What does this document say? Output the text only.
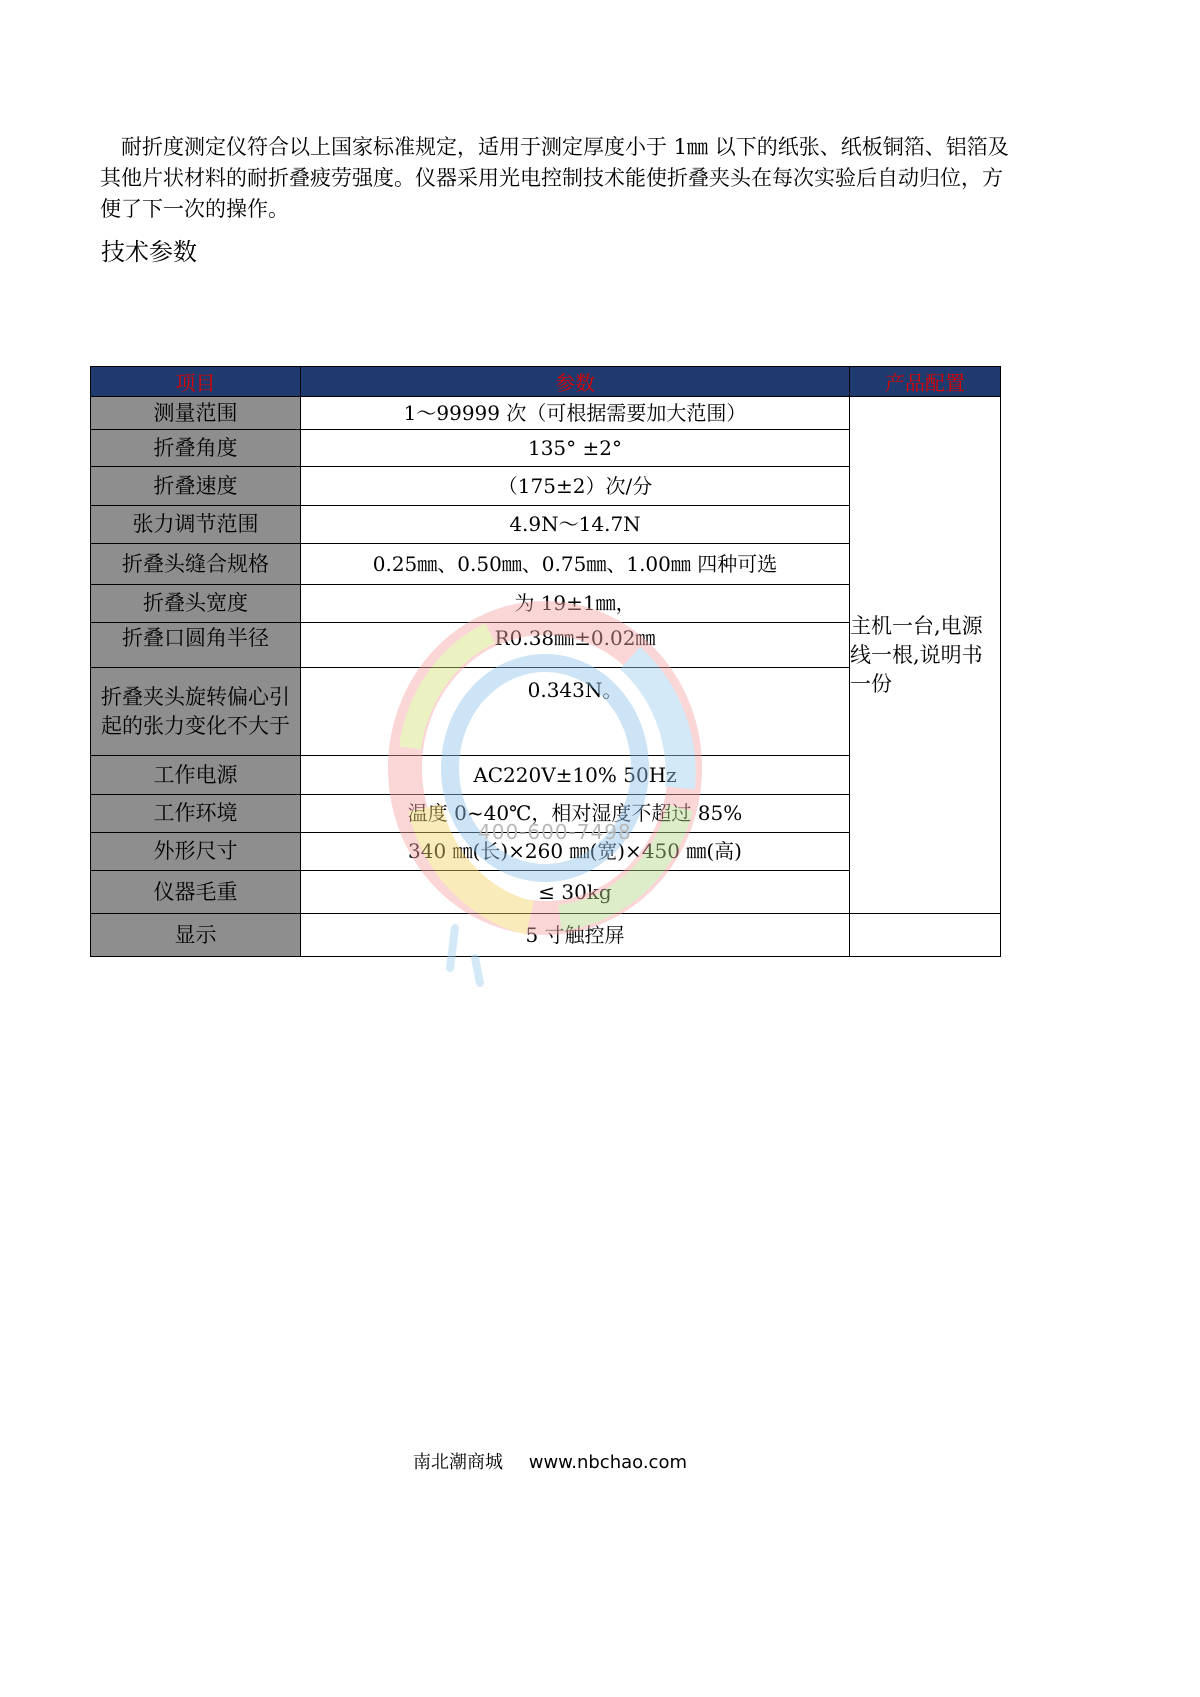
耐折度测定仪符合以上国家标准规定，适用于测定厚度小于 1㎜ 以下的纸张、纸板铜箔、铝箔及其他片状材料的耐折叠疲劳强度。仪器采用光电控制技术能使折叠夹头在每次实验后自动归位，方便了下一次的操作。

技术参数
项目	参数	产品配置
测量范围	1～99999 次（可根据需要加大范围）	主机一台,电源线一根,说明书一份
折叠角度	135° ±2°	
折叠速度	（175±2）次/分	
张力调节范围	4.9N～14.7N	
折叠头缝合规格	0.25㎜、0.50㎜、0.75㎜、1.00㎜ 四种可选	
折叠头宽度	为 19±1㎜，	
折叠口圆角半径	R0.38㎜±0.02㎜	
折叠夹头旋转偏心引起的张力变化不大于	0.343N。	
工作电源	AC220V±10% 50Hz	
工作环境	温度 0~40℃，相对湿度不超过 85%	
外形尺寸	340 ㎜(长)×260 ㎜(宽)×450 ㎜(高)	
仪器毛重	≤ 30kg	
显示	5 寸触控屏	
400-600-7498
南北潮商城 www.nbchao.com
